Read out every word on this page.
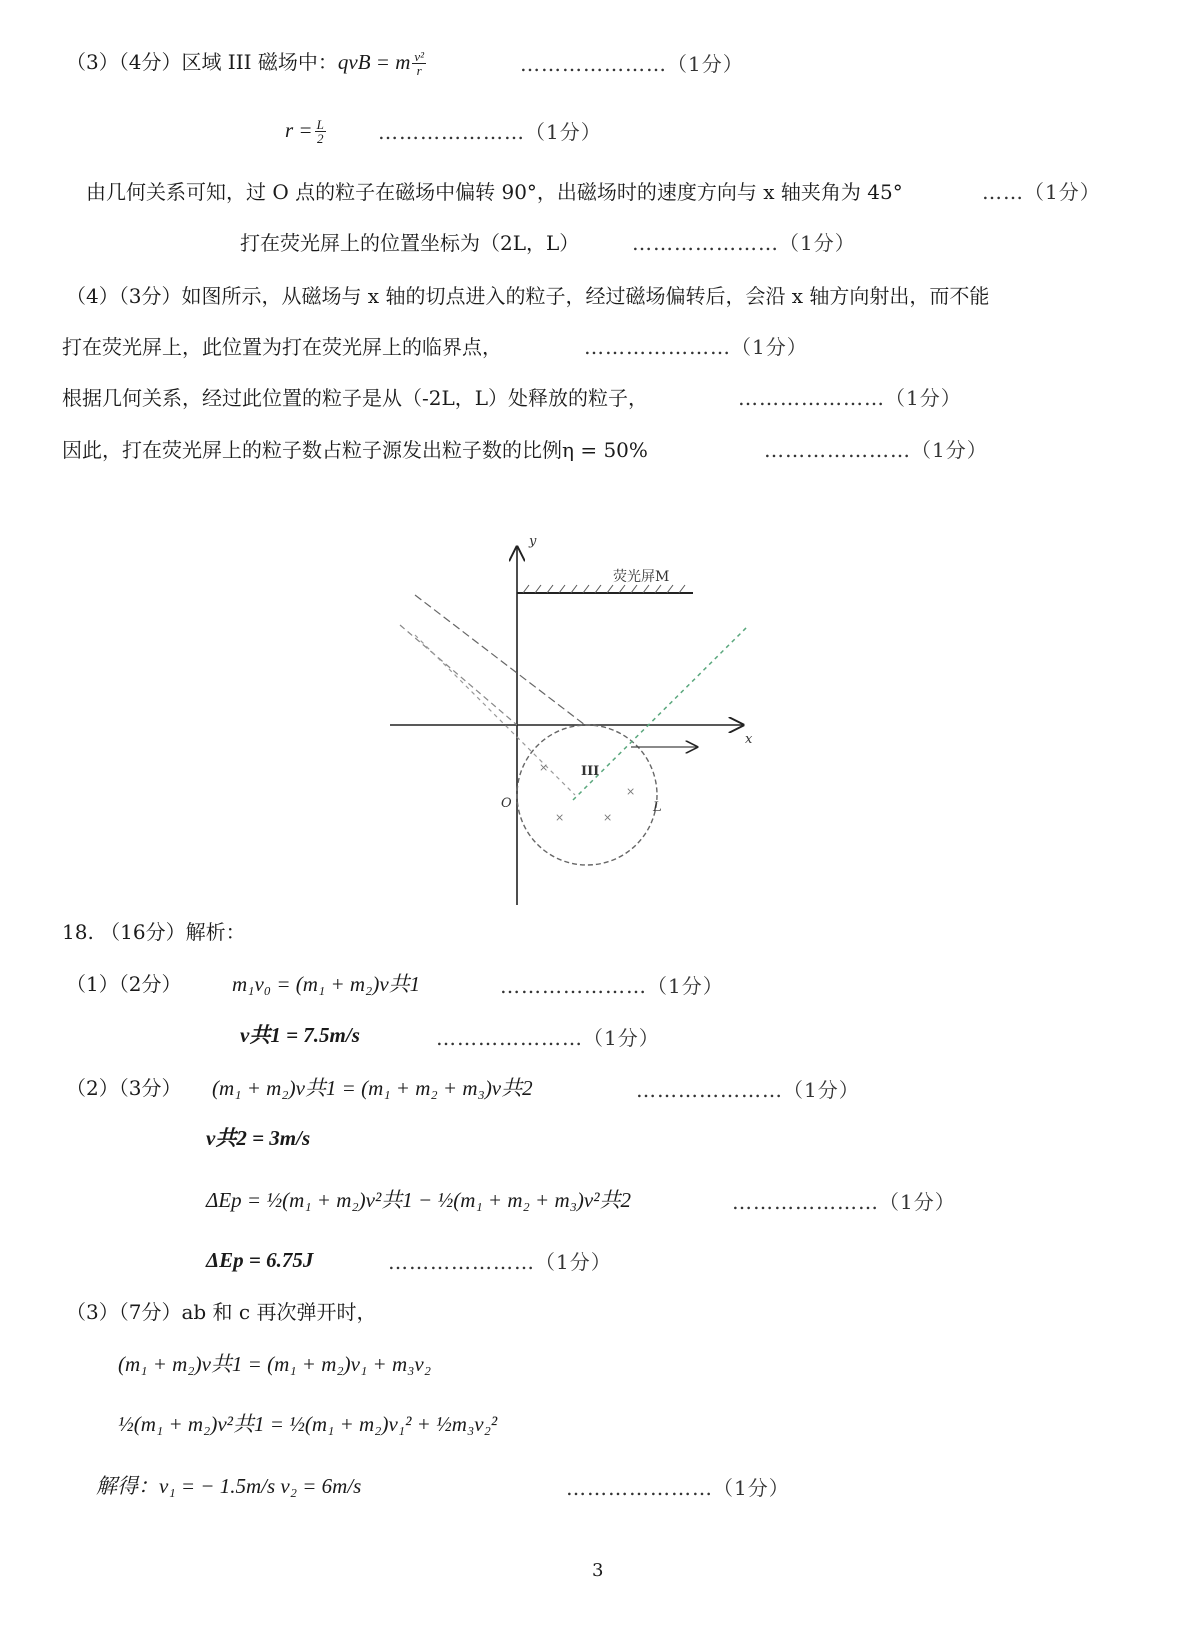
（3）（4分）区域 III 磁场中：qvB = m $\frac{\text{v²}}{r}$	…………………（1分）
$r = \frac{L}{2}$	…………………（1分）
由几何关系可知，过 O 点的粒子在磁场中偏转 90°，出磁场时的速度方向与 x 轴夹角为 45°	……（1分）
打在荧光屏上的位置坐标为（2L，L）	…………………（1分）
（4）（3分）如图所示，从磁场与 x 轴的切点进入的粒子，经过磁场偏转后，会沿 x 轴方向射出，而不能
打在荧光屏上，此位置为打在荧光屏上的临界点，	…………………（1分）
根据几何关系，经过此位置的粒子是从（-2L，L）处释放的粒子，	…………………（1分）
因此，打在荧光屏上的粒子数占粒子源发出粒子数的比例η = 50%	…………………（1分）
y
x
荧光屏M
×
×	×
×
III
O	L
18. （16分）解析：
（1）（2分） m₁v₀ = (m₁ + m₂)v共1	…………………（1分）
v共1 = 7.5m/s	…………………（1分）
（2）（3分） (m₁ + m₂)v共1 = (m₁ + m₂ + m₃)v共2	…………………（1分）
v共2 = 3m/s
ΔEp = ½(m₁ + m₂)v²共1 − ½(m₁ + m₂ + m₃)v²共2	…………………（1分）
ΔEp = 6.75J	…………………（1分）
（3）（7分）ab 和 c 再次弹开时，
(m₁ + m₂)v共1 = (m₁ + m₂)v₁ + m₃v₂
½(m₁ + m₂)v²共1 = ½(m₁ + m₂)v₁² + ½m₃v₂²
解得：v₁ = − 1.5m/s v₂ = 6m/s	…………………（1分）
3
